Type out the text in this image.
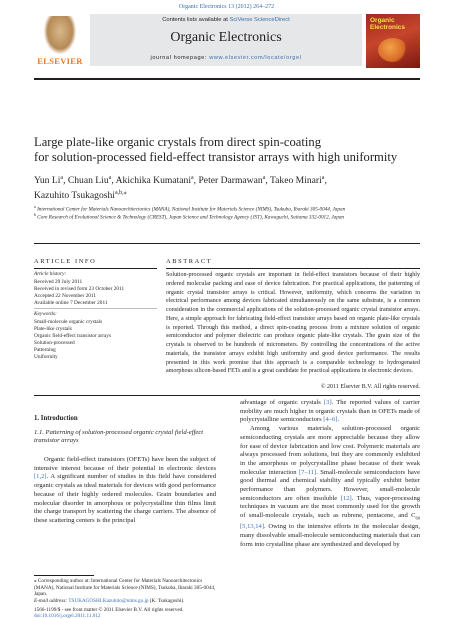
Organic Electronics 13 (2012) 264–272
ELSEVIER
Contents lists available at SciVerse ScienceDirect
Organic Electronics
journal homepage: www.elsevier.com/locate/orgel
Organic Electronics
Large plate-like organic crystals from direct spin-coating
for solution-processed field-effect transistor arrays with high uniformity
Yun Li$^a$, Chuan Liu$^a$, Akichika Kumatani$^a$, Peter Darmawan$^a$, Takeo Minari$^a$,
Kazuhito Tsukagoshi$^{a,b,⁎}$
$^a$ International Center for Materials Nanoarchitectonics (MANA), National Institute for Materials Science (NIMS), Tsukuba, Ibaraki 305-0044, Japan
$^b$ Core Research of Evolutional Science & Technology (CREST), Japan Science and Technology Agency (JST), Kawaguchi, Saitama 332-0012, Japan
ARTICLE INFO
Article history:
Received 29 July 2011
Received in revised form 23 October 2011
Accepted 22 November 2011
Available online 7 December 2011
Keywords:
Small-molecule organic crystals
Plate-like crystals
Organic field-effect transistor arrays
Solution-processed
Patterning
Uniformity
ABSTRACT
Solution-processed organic crystals are important in field-effect transistors because of their highly ordered molecular packing and ease of device fabrication. For practical applications, the patterning of organic crystal transistor arrays is critical. However, uniformity, which concerns the variation in electrical performance among devices fabricated simultaneously on the same substrate, is a common consideration in the commercial applications of the solution-processed organic crystal transistor arrays. Here, a simple approach for fabricating field-effect transistor arrays based on organic plate-like crystals is reported. Through this method, a direct spin-coating process from a mixture solution of organic semiconductor and polymer dielectric can produce organic plate-like crystals. The grain size of the crystals is observed to be hundreds of micrometers. By controlling the concentrations of the active materials, the transistor arrays exhibit high uniformity and good device performance. The results presented in this work promise that this approach is a comparable technology to hydrogenated amorphous silicon-based FETs and is a great candidate for practical applications in electronic devices.
© 2011 Elsevier B.V. All rights reserved.
1. Introduction
1.1. Patterning of solution-processed organic crystal field-effect transistor arrays
Organic field-effect transistors (OFETs) have been the subject of intensive interest because of their potential in electronic devices [1,2]. A significant number of studies in this field have considered organic crystals as ideal materials for devices with good performance because of their highly ordered molecules. Grain boundaries and molecular disorder in amorphous or polycrystalline thin films limit the charge transport by scattering the charge carriers. The absence of these scattering centers is the principal
advantage of organic crystals [3]. The reported values of carrier mobility are much higher in organic crystals than in OFETs made of polycrystalline semiconductors [4–6].
Among various materials, solution-processed organic semiconducting crystals are more appreciable because they allow for ease of device fabrication and low cost. Polymeric materials are always processed from solutions, but they are commonly exhibited in the amorphous or polycrystalline phase because of their weak molecular interaction [7–11]. Small-molecule semiconductors have good thermal and chemical stability and typically exhibit better performance than polymers. However, small-molecule semiconductors are often insoluble [12]. Thus, vapor-processing techniques in vacuum are the most commonly used for the growth of small-molecule crystals, such as rubrene, pentacene, and $C_{60}$ [5,13,14]. Owing to the intensive efforts in the molecular design, many dissolvable small-molecule semiconducting materials that can form into crystalline phase are synthesized and developed by
⁎ Corresponding author at: International Center for Materials Nanoarchitectonics (MANA), National Institute for Materials Science (NIMS), Tsukuba, Ibaraki 305-0044, Japan.
E-mail address: TSUKAGOSHI.Kazuhito@nims.go.jp (K. Tsukagoshi).
1566-1199/$ - see front matter © 2011 Elsevier B.V. All rights reserved.
doi:10.1016/j.orgel.2011.11.012
